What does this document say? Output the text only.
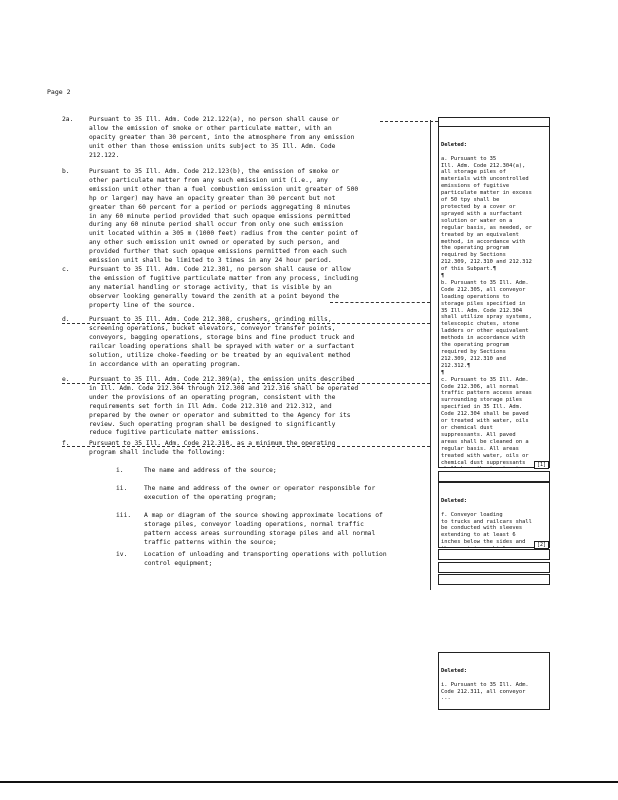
Page 2
2a. Pursuant to 35 Ill. Adm. Code 212.122(a), no person shall cause or
allow the emission of smoke or other particulate matter, with an
opacity greater than 30 percent, into the atmosphere from any emission
unit other than those emission units subject to 35 Ill. Adm. Code
212.122.
b.	Pursuant to 35 Ill. Adm. Code 212.123(b), the emission of smoke or
other particulate matter from any such emission unit (i.e., any
emission unit other than a fuel combustion emission unit greater of 500
hp or larger) may have an opacity greater than 30 percent but not
greater than 60 percent for a period or periods aggregating 8 minutes
in any 60 minute period provided that such opaque emissions permitted
during any 60 minute period shall occur from only one such emission
unit located within a 305 m (1000 feet) radius from the center point of
any other such emission unit owned or operated by such person, and
provided further that such opaque emissions permitted from each such
emission unit shall be limited to 3 times in any 24 hour period.
c.	Pursuant to 35 Ill. Adm. Code 212.301, no person shall cause or allow
the emission of fugitive particulate matter from any process, including
any material handling or storage activity, that is visible by an
observer looking generally toward the zenith at a point beyond the
property line of the source.
d.	Pursuant to 35 Ill. Adm. Code 212.308, crushers, grinding mills,
screening operations, bucket elevators, conveyor transfer points,
conveyors, bagging operations, storage bins and fine product truck and
railcar loading operations shall be sprayed with water or a surfactant
solution, utilize choke-feeding or be treated by an equivalent method
in accordance with an operating program.
e.	Pursuant to 35 Ill. Adm. Code 212.309(a), the emission units described
in Ill. Adm. Code 212.304 through 212.308 and 212.316 shall be operated
under the provisions of an operating program, consistent with the
requirements set forth in Ill Adm. Code 212.310 and 212.312, and
prepared by the owner or operator and submitted to the Agency for its
review. Such operating program shall be designed to significantly
reduce fugitive particulate matter emissions.
f.	Pursuant to 35 Ill. Adm. Code 212.310, as a minimum the operating
program shall include the following:
i.	The name and address of the source;
ii.	The name and address of the owner or operator responsible for
execution of the operating program;
iii. A map or diagram of the source showing approximate locations of
storage piles, conveyor loading operations, normal traffic
pattern access areas surrounding storage piles and all normal
traffic patterns within the source;
iv.	Location of unloading and transporting operations with pollution
control equipment;

Deleted:

a. Pursuant to 35
Ill. Adm. Code 212.304(a),
all storage piles of
materials with uncontrolled
emissions of fugitive
particulate matter in excess
of 50 tpy shall be
protected by a cover or
sprayed with a surfactant
solution or water on a
regular basis, as needed, or
treated by an equivalent
method, in accordance with
the operating program
required by Sections
212.309, 212.310 and 212.312
of this Subpart.¶
¶
b. Pursuant to 35 Ill. Adm.
Code 212.305, all conveyor
loading operations to
storage piles specified in
35 Ill. Adm. Code 212.304
shall utilize spray systems,
telescopic chutes, stone
ladders or other equivalent
methods in accordance with
the operating program
required by Sections
212.309, 212.310 and
212.312.¶
¶
c. Pursuant to 35 Ill. Adm.
Code 212.306, all normal
traffic pattern access areas
surrounding storage piles
specified in 35 Ill. Adm.
Code 212.304 shall be paved
or treated with water, oils
or chemical dust
suppressants. All paved
areas shall be cleaned on a
regular basis. All areas
treated with water, oils or
chemical dust suppressants	[1]

Deleted:

f. Conveyor loading
to trucks and railcars shall
be conducted with sleeves
extending to at least 6
inches below the sides and	[2]

Deleted:

i. Pursuant to 35 Ill. Adm.
Code 212.311, all conveyor
...
